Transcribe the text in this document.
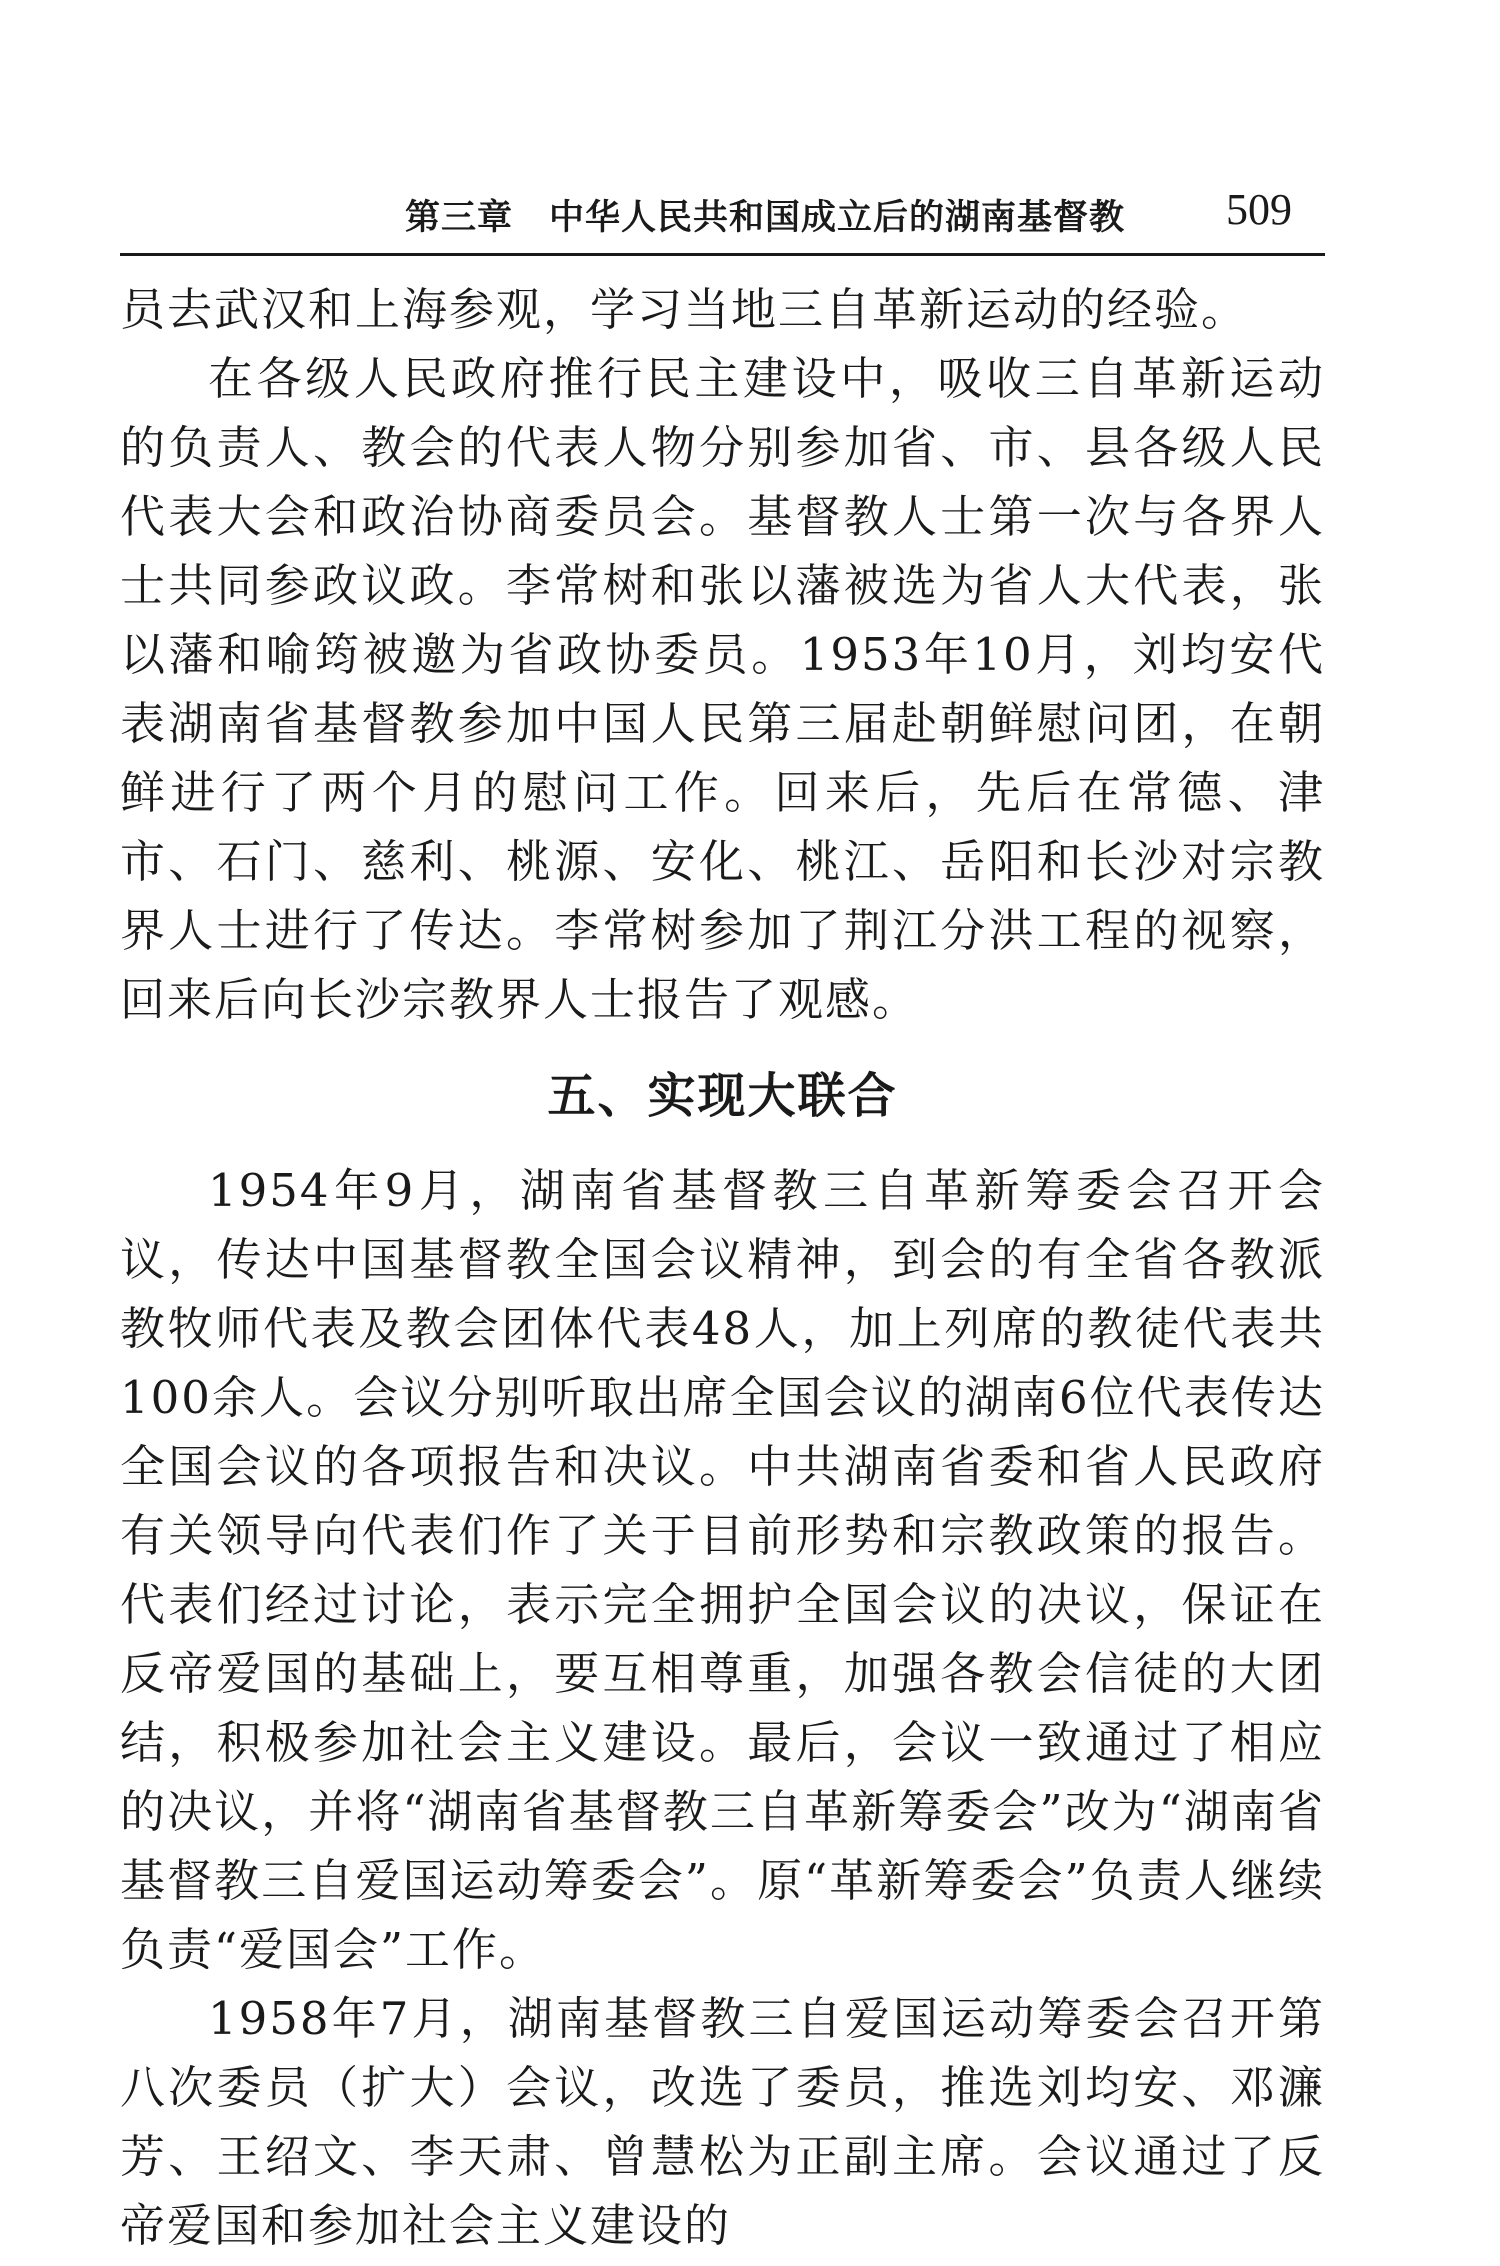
第三章　中华人民共和国成立后的湖南基督教 509

员去武汉和上海参观，学习当地三自革新运动的经验。

在各级人民政府推行民主建设中，吸收三自革新运动的负责人、教会的代表人物分别参加省、市、县各级人民代表大会和政治协商委员会。基督教人士第一次与各界人士共同参政议政。李常树和张以藩被选为省人大代表，张以藩和喻筠被邀为省政协委员。1953年10月，刘均安代表湖南省基督教参加中国人民第三届赴朝鲜慰问团，在朝鲜进行了两个月的慰问工作。回来后，先后在常德、津市、石门、慈利、桃源、安化、桃江、岳阳和长沙对宗教界人士进行了传达。李常树参加了荆江分洪工程的视察，回来后向长沙宗教界人士报告了观感。

五、实现大联合

1954年9月，湖南省基督教三自革新筹委会召开会议，传达中国基督教全国会议精神，到会的有全省各教派教牧师代表及教会团体代表48人，加上列席的教徒代表共100余人。会议分别听取出席全国会议的湖南6位代表传达全国会议的各项报告和决议。中共湖南省委和省人民政府有关领导向代表们作了关于目前形势和宗教政策的报告。代表们经过讨论，表示完全拥护全国会议的决议，保证在反帝爱国的基础上，要互相尊重，加强各教会信徒的大团结，积极参加社会主义建设。最后，会议一致通过了相应的决议，并将“湖南省基督教三自革新筹委会”改为“湖南省基督教三自爱国运动筹委会”。原“革新筹委会”负责人继续负责“爱国会”工作。

1958年7月，湖南基督教三自爱国运动筹委会召开第八次委员（扩大）会议，改选了委员，推选刘均安、邓濂芳、王绍文、李天肃、曾慧松为正副主席。会议通过了反帝爱国和参加社会主义建设的
